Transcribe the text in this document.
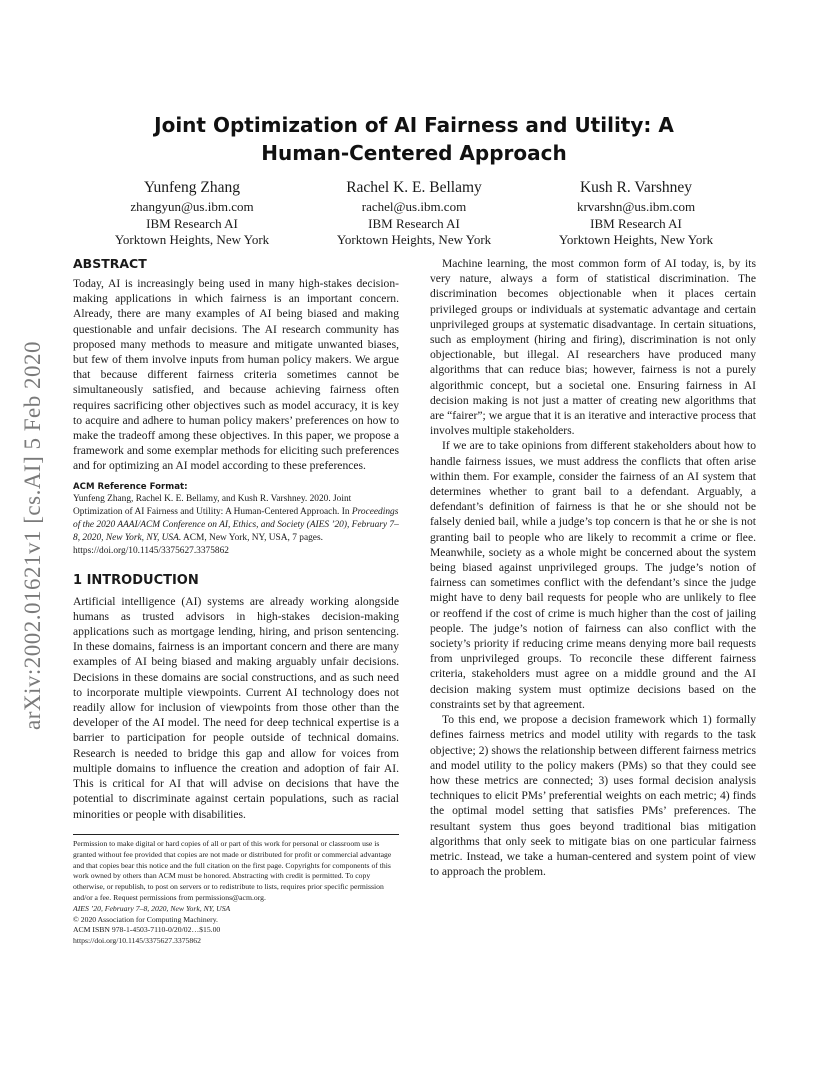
arXiv:2002.01621v1 [cs.AI] 5 Feb 2020
Joint Optimization of AI Fairness and Utility: A Human-Centered Approach
Yunfeng Zhang
zhangyun@us.ibm.com
IBM Research AI
Yorktown Heights, New York
Rachel K. E. Bellamy
rachel@us.ibm.com
IBM Research AI
Yorktown Heights, New York
Kush R. Varshney
krvarshn@us.ibm.com
IBM Research AI
Yorktown Heights, New York
ABSTRACT

Today, AI is increasingly being used in many high-stakes decision-making applications in which fairness is an important concern. Already, there are many examples of AI being biased and making questionable and unfair decisions. The AI research community has proposed many methods to measure and mitigate unwanted biases, but few of them involve inputs from human policy makers. We argue that because different fairness criteria sometimes cannot be simultaneously satisfied, and because achieving fairness often requires sacrificing other objectives such as model accuracy, it is key to acquire and adhere to human policy makers’ preferences on how to make the tradeoff among these objectives. In this paper, we propose a framework and some exemplar methods for eliciting such preferences and for optimizing an AI model according to these preferences.

ACM Reference Format:
Yunfeng Zhang, Rachel K. E. Bellamy, and Kush R. Varshney. 2020. Joint Optimization of AI Fairness and Utility: A Human-Centered Approach. In Proceedings of the 2020 AAAI/ACM Conference on AI, Ethics, and Society (AIES ’20), February 7–8, 2020, New York, NY, USA. ACM, New York, NY, USA, 7 pages. https://doi.org/10.1145/3375627.3375862
1 INTRODUCTION

Artificial intelligence (AI) systems are already working alongside humans as trusted advisors in high-stakes decision-making applications such as mortgage lending, hiring, and prison sentencing. In these domains, fairness is an important concern and there are many examples of AI being biased and making arguably unfair decisions. Decisions in these domains are social constructions, and as such need to incorporate multiple viewpoints. Current AI technology does not readily allow for inclusion of viewpoints from those other than the developer of the AI model. The need for deep technical expertise is a barrier to participation for people outside of technical domains. Research is needed to bridge this gap and allow for voices from multiple domains to influence the creation and adoption of fair AI. This is critical for AI that will advise on decisions that have the potential to discriminate against certain populations, such as racial minorities or people with disabilities.

Permission to make digital or hard copies of all or part of this work for personal or classroom use is granted without fee provided that copies are not made or distributed for profit or commercial advantage and that copies bear this notice and the full citation on the first page. Copyrights for components of this work owned by others than ACM must be honored. Abstracting with credit is permitted. To copy otherwise, or republish, to post on servers or to redistribute to lists, requires prior specific permission and/or a fee. Request permissions from permissions@acm.org.

AIES ’20, February 7–8, 2020, New York, NY, USA

© 2020 Association for Computing Machinery.

ACM ISBN 978-1-4503-7110-0/20/02…$15.00

https://doi.org/10.1145/3375627.3375862

Machine learning, the most common form of AI today, is, by its very nature, always a form of statistical discrimination. The discrimination becomes objectionable when it places certain privileged groups or individuals at systematic advantage and certain unprivileged groups at systematic disadvantage. In certain situations, such as employment (hiring and firing), discrimination is not only objectionable, but illegal. AI researchers have produced many algorithms that can reduce bias; however, fairness is not a purely algorithmic concept, but a societal one. Ensuring fairness in AI decision making is not just a matter of creating new algorithms that are “fairer”; we argue that it is an iterative and interactive process that involves multiple stakeholders.

If we are to take opinions from different stakeholders about how to handle fairness issues, we must address the conflicts that often arise within them. For example, consider the fairness of an AI system that determines whether to grant bail to a defendant. Arguably, a defendant’s definition of fairness is that he or she should not be falsely denied bail, while a judge’s top concern is that he or she is not granting bail to people who are likely to recommit a crime or flee. Meanwhile, society as a whole might be concerned about the system being biased against unprivileged groups. The judge’s notion of fairness can sometimes conflict with the defendant’s since the judge might have to deny bail requests for people who are unlikely to flee or reoffend if the cost of crime is much higher than the cost of jailing people. The judge’s notion of fairness can also conflict with the society’s priority if reducing crime means denying more bail requests from unprivileged groups. To reconcile these different fairness criteria, stakeholders must agree on a middle ground and the AI decision making system must optimize decisions based on the constraints set by that agreement.

To this end, we propose a decision framework which 1) formally defines fairness metrics and model utility with regards to the task objective; 2) shows the relationship between different fairness metrics and model utility to the policy makers (PMs) so that they could see how these metrics are connected; 3) uses formal decision analysis techniques to elicit PMs’ preferential weights on each metric; 4) finds the optimal model setting that satisfies PMs’ preferences. The resultant system thus goes beyond traditional bias mitigation algorithms that only seek to mitigate bias on one particular fairness metric. Instead, we take a human-centered and system point of view to approach the problem.
